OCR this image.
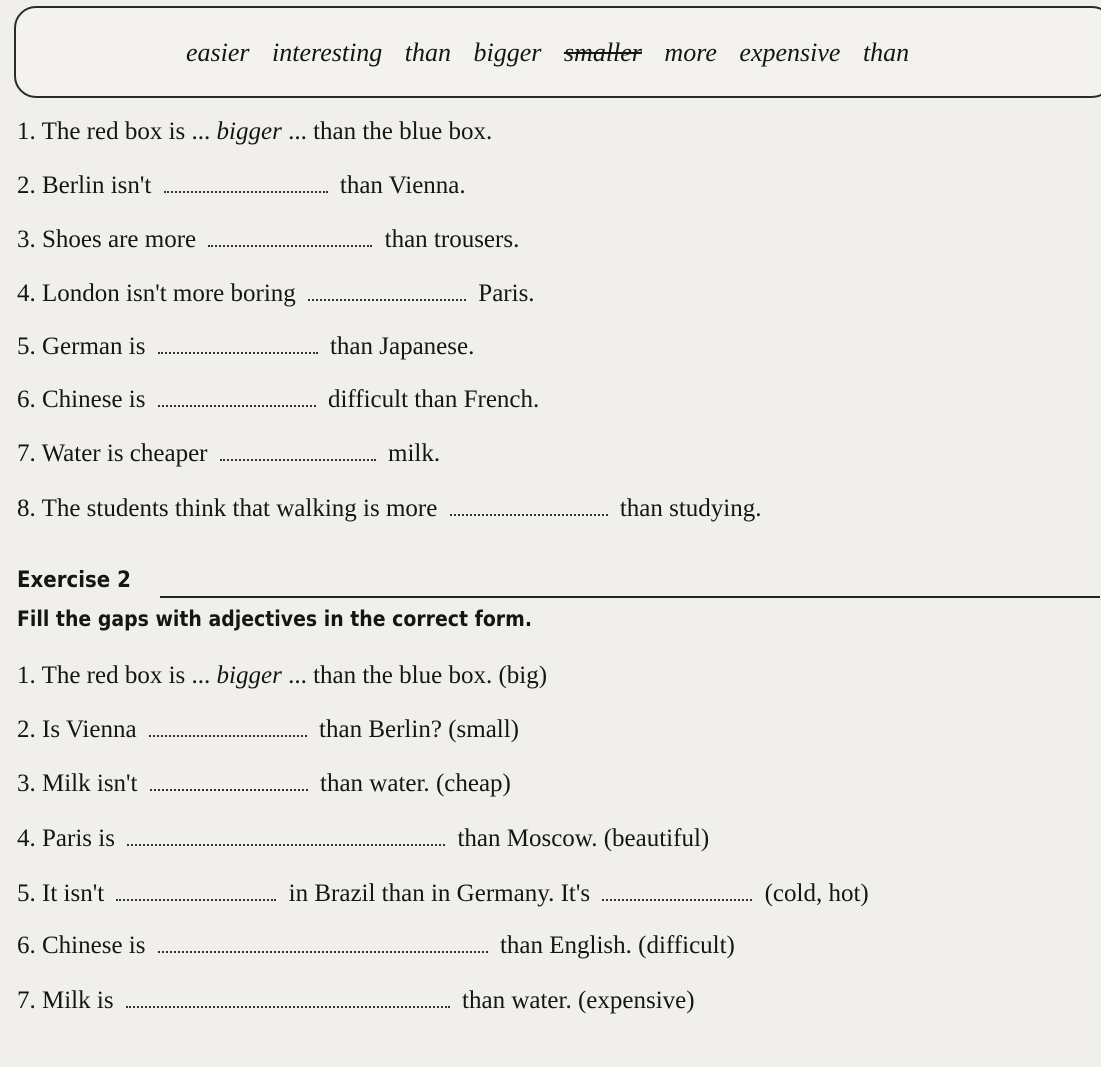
easier interesting than bigger smaller more expensive than
1. The red box is ... bigger ... than the blue box.
2. Berlin isn't	than Vienna.
3. Shoes are more	than trousers.
4. London isn't more boring	Paris.
5. German is	than Japanese.
6. Chinese is	difficult than French.
7. Water is cheaper	milk.
8. The students think that walking is more	than studying.
Exercise 2
Fill the gaps with adjectives in the correct form.
1. The red box is ... bigger ... than the blue box. (big)
2. Is Vienna	than Berlin? (small)
3. Milk isn't	than water. (cheap)
4. Paris is	than Moscow. (beautiful)
5. It isn't	in Brazil than in Germany. It's	(cold, hot)
6. Chinese is	than English. (difficult)
7. Milk is	than water. (expensive)
